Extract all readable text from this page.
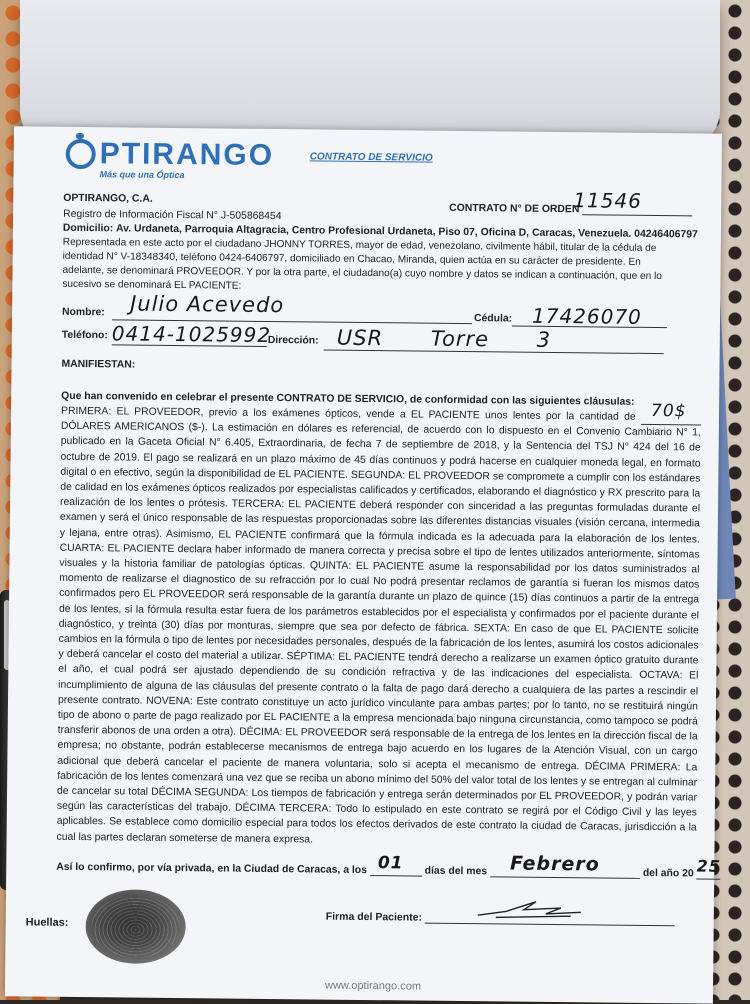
PTIRANGO
Más que una Óptica
CONTRATO DE SERVICIO
OPTIRANGO, C.A.
CONTRATO N° DE ORDEN
11546
Registro de Información Fiscal N° J-505868454
Domicilio: Av. Urdaneta, Parroquia Altagracia, Centro Profesional Urdaneta, Piso 07, Oficina D, Caracas, Venezuela. 04246406797
Representada en este acto por el ciudadano JHONNY TORRES, mayor de edad, venezolano, civilmente hábil, titular de la cédula de
identidad N° V-18348340, teléfono 0424-6406797, domiciliado en Chacao, Miranda, quien actúa en su carácter de presidente. En
adelante, se denominará PROVEEDOR. Y por la otra parte, el ciudadano(a) cuyo nombre y datos se indican a continuación, que en lo
sucesivo se denominará EL PACIENTE:
Nombre: Julio Acevedo
Cédula: 17426070
Teléfono: 0414-1025992
Dirección: USR Torre 3
MANIFIESTAN:
Que han convenido en celebrar el presente CONTRATO DE SERVICIO, de conformidad con las siguientes cláusulas:
PRIMERA: EL PROVEEDOR, previo a los exámenes ópticos, vende a EL PACIENTE unos lentes por la cantidad de 70$
DÓLARES AMERICANOS ($-). La estimación en dólares es referencial, de acuerdo con lo dispuesto en el Convenio Cambiario N° 1, publicado en la Gaceta Oficial N° 6.405, Extraordinaria, de fecha 7 de septiembre de 2018, y la Sentencia del TSJ N° 424 del 16 de octubre de 2019. El pago se realizará en un plazo máximo de 45 días continuos y podrá hacerse en cualquier moneda legal, en formato digital o en efectivo, según la disponibilidad de EL PACIENTE. SEGUNDA: EL PROVEEDOR se compromete a cumplir con los estándares de calidad en los exámenes ópticos realizados por especialistas calificados y certificados, elaborando el diagnóstico y RX prescrito para la realización de los lentes o prótesis. TERCERA: EL PACIENTE deberá responder con sinceridad a las preguntas formuladas durante el examen y será el único responsable de las respuestas proporcionadas sobre las diferentes distancias visuales (visión cercana, intermedia y lejana, entre otras). Asimismo, EL PACIENTE confirmará que la fórmula indicada es la adecuada para la elaboración de los lentes. CUARTA: EL PACIENTE declara haber informado de manera correcta y precisa sobre el tipo de lentes utilizados anteriormente, síntomas visuales y la historia familiar de patologías ópticas. QUINTA: EL PACIENTE asume la responsabilidad por los datos suministrados al momento de realizarse el diagnostico de su refracción por lo cual No podrá presentar reclamos de garantía si fueran los mismos datos confirmados pero EL PROVEEDOR será responsable de la garantía durante un plazo de quince (15) días continuos a partir de la entrega de los lentes, si la fórmula resulta estar fuera de los parámetros establecidos por el especialista y confirmados por el paciente durante el diagnóstico, y treinta (30) días por monturas, siempre que sea por defecto de fábrica. SEXTA: En caso de que EL PACIENTE solicite cambios en la fórmula o tipo de lentes por necesidades personales, después de la fabricación de los lentes, asumirá los costos adicionales y deberá cancelar el costo del material a utilizar. SÉPTIMA: EL PACIENTE tendrá derecho a realizarse un examen óptico gratuito durante el año, el cual podrá ser ajustado dependiendo de su condición refractiva y de las indicaciones del especialista. OCTAVA: El incumplimiento de alguna de las cláusulas del presente contrato o la falta de pago dará derecho a cualquiera de las partes a rescindir el presente contrato. NOVENA: Este contrato constituye un acto jurídico vinculante para ambas partes; por lo tanto, no se restituirá ningún tipo de abono o parte de pago realizado por EL PACIENTE a la empresa mencionada bajo ninguna circunstancia, como tampoco se podrá transferir abonos de una orden a otra). DÉCIMA: EL PROVEEDOR será responsable de la entrega de los lentes en la dirección fiscal de la empresa; no obstante, podrán establecerse mecanismos de entrega bajo acuerdo en los lugares de la Atención Visual, con un cargo adicional que deberá cancelar el paciente de manera voluntaria, solo si acepta el mecanismo de entrega. DÉCIMA PRIMERA: La fabricación de los lentes comenzará una vez que se reciba un abono mínimo del 50% del valor total de los lentes y se entregan al culminar de cancelar su total DÉCIMA SEGUNDA: Los tiempos de fabricación y entrega serán determinados por EL PROVEEDOR, y podrán variar según las características del trabajo. DÉCIMA TERCERA: Todo lo estipulado en este contrato se regirá por el Código Civil y las leyes aplicables. Se establece como domicilio especial para todos los efectos derivados de este contrato la ciudad de Caracas, jurisdicción a la cual las partes declaran someterse de manera expresa.
Así lo confirmo, por vía privada, en la Ciudad de Caracas, a los 01 días del mes Febrero	del año 20 25
Huellas:	Firma del Paciente:
www.optirango.com
